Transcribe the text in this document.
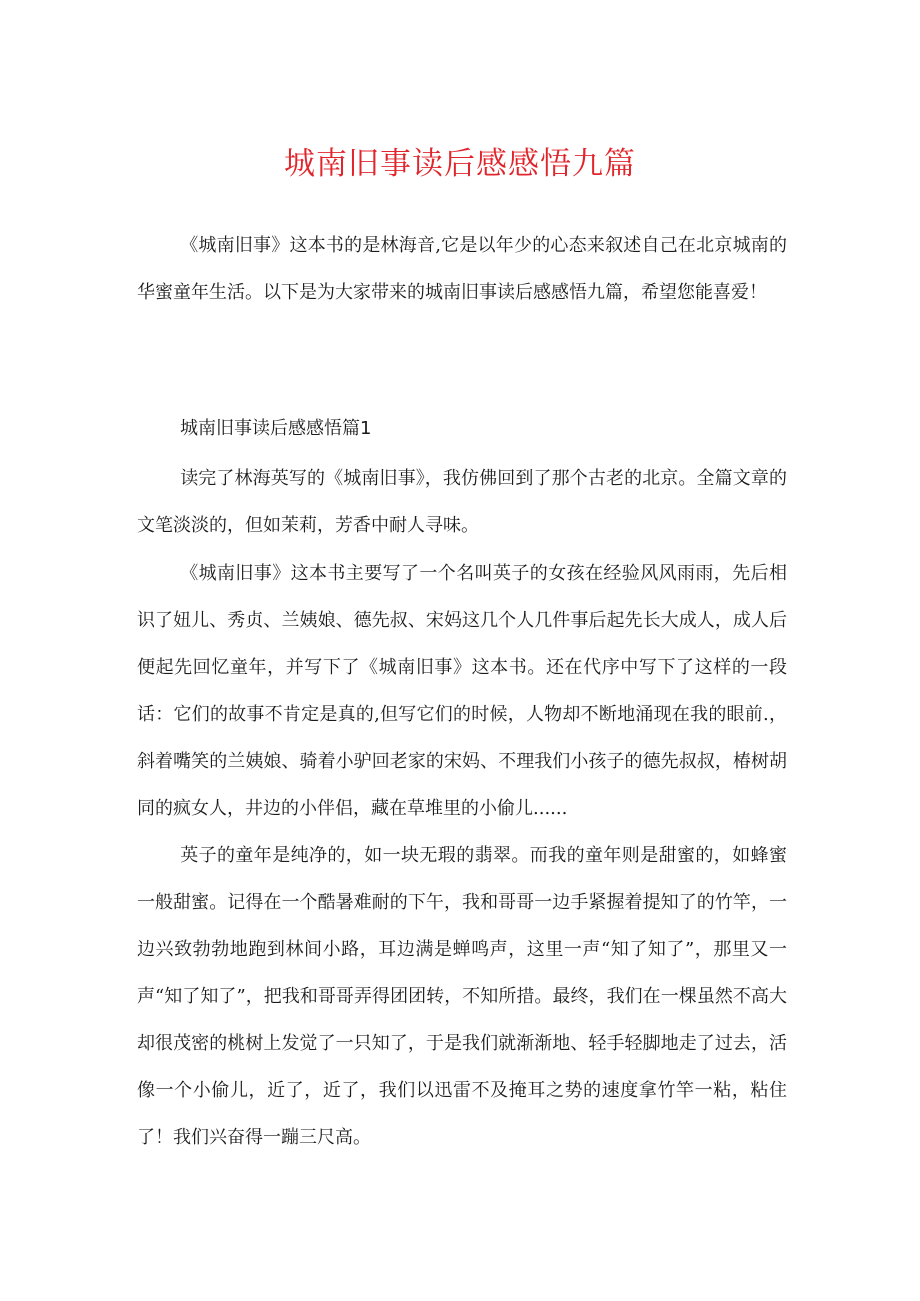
城南旧事读后感感悟九篇

《城南旧事》这本书的是林海音,它是以年少的心态来叙述自己在北京城南的华蜜童年生活。以下是为大家带来的城南旧事读后感感悟九篇，希望您能喜爱！

城南旧事读后感感悟篇1

读完了林海英写的《城南旧事》，我仿佛回到了那个古老的北京。全篇文章的文笔淡淡的，但如茉莉，芳香中耐人寻味。

《城南旧事》这本书主要写了一个名叫英子的女孩在经验风风雨雨，先后相识了妞儿、秀贞、兰姨娘、德先叔、宋妈这几个人几件事后起先长大成人，成人后便起先回忆童年，并写下了《城南旧事》这本书。还在代序中写下了这样的一段话：它们的故事不肯定是真的,但写它们的时候，人物却不断地涌现在我的眼前.，斜着嘴笑的兰姨娘、骑着小驴回老家的宋妈、不理我们小孩子的德先叔叔，椿树胡同的疯女人，井边的小伴侣，藏在草堆里的小偷儿......

英子的童年是纯净的，如一块无瑕的翡翠。而我的童年则是甜蜜的，如蜂蜜一般甜蜜。记得在一个酷暑难耐的下午，我和哥哥一边手紧握着提知了的竹竿，一边兴致勃勃地跑到林间小路，耳边满是蝉鸣声，这里一声“知了知了”，那里又一声“知了知了”，把我和哥哥弄得团团转，不知所措。最终，我们在一棵虽然不高大却很茂密的桃树上发觉了一只知了，于是我们就渐渐地、轻手轻脚地走了过去，活像一个小偷儿，近了，近了，我们以迅雷不及掩耳之势的速度拿竹竿一粘，粘住了！我们兴奋得一蹦三尺高。
